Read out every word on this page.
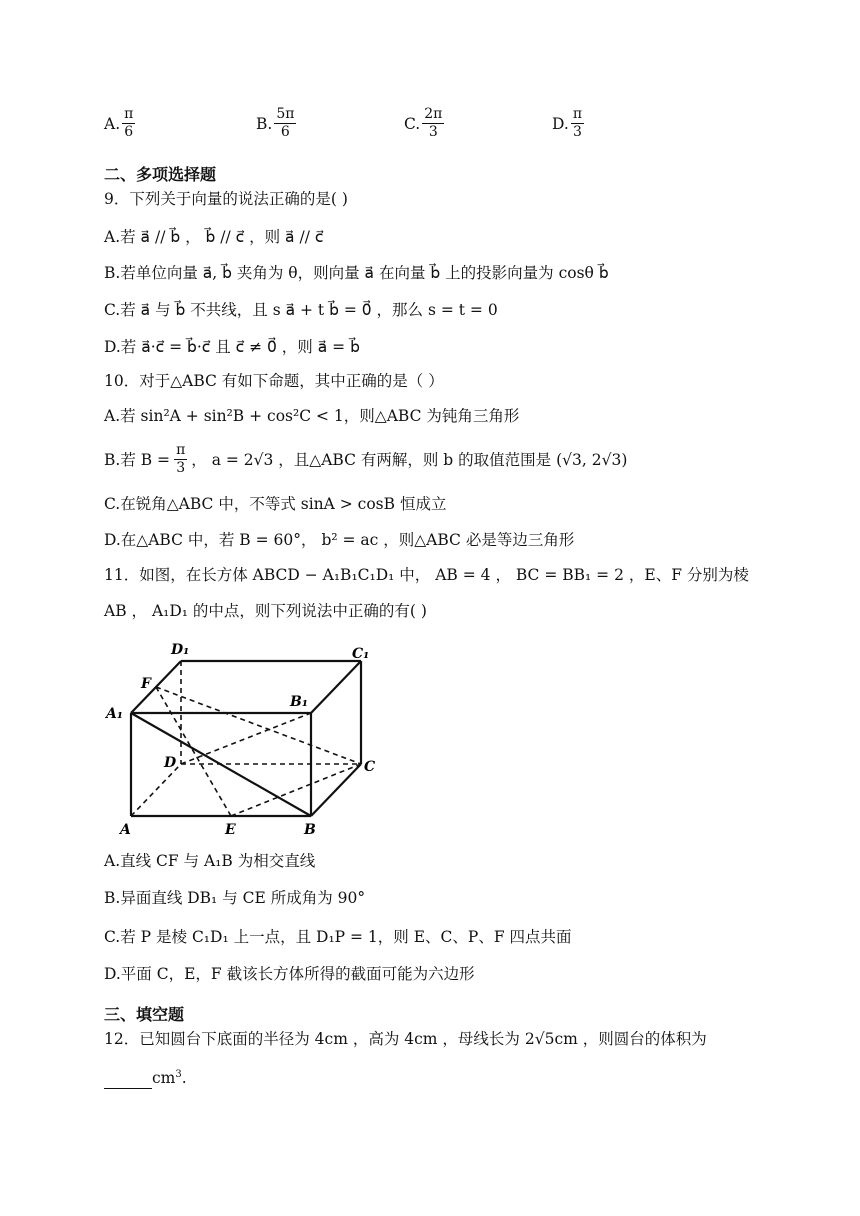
A. $\frac{\pi}{6}$	B. $\frac{5\pi}{6}$	C. $\frac{2\pi}{3}$	D. $\frac{\pi}{3}$
二、多项选择题
9．下列关于向量的说法正确的是( )
A.若 a⃗ // b⃗ ， b⃗ // c⃗ ，则 a⃗ // c⃗
B.若单位向量 a⃗, b⃗ 夹角为 θ，则向量 a⃗ 在向量 b⃗ 上的投影向量为 cosθ b⃗
C.若 a⃗ 与 b⃗ 不共线，且 s a⃗ + t b⃗ = 0⃗ ，那么 s = t = 0
D.若 a⃗·c⃗ = b⃗·c⃗ 且 c⃗ ≠ 0⃗ ，则 a⃗ = b⃗
10．对于△ABC 有如下命题，其中正确的是（ ）
A.若 sin²A + sin²B + cos²C < 1，则△ABC 为钝角三角形
B.若 $B = \frac{\pi}{3}$ ， a = 2√3 ，且△ABC 有两解，则 b 的取值范围是 (√3, 2√3)
C.在锐角△ABC 中，不等式 sinA > cosB 恒成立
D.在△ABC 中，若 B = 60°， b² = ac ，则△ABC 必是等边三角形
11．如图，在长方体 ABCD − A₁B₁C₁D₁ 中， AB = 4 ， BC = BB₁ = 2 ，E、F 分别为棱
AB ， A₁D₁ 的中点，则下列说法中正确的有( )
D₁	C₁
F
B₁
A₁
D	C
A	E	B
A.直线 CF 与 A₁B 为相交直线
B.异面直线 DB₁ 与 CE 所成角为 90°
C.若 P 是棱 C₁D₁ 上一点，且 D₁P = 1，则 E、C、P、F 四点共面
D.平面 C，E，F 截该长方体所得的截面可能为六边形
三、填空题
12．已知圆台下底面的半径为 4cm ，高为 4cm ，母线长为 2√5cm ，则圆台的体积为
$cm^3$.
